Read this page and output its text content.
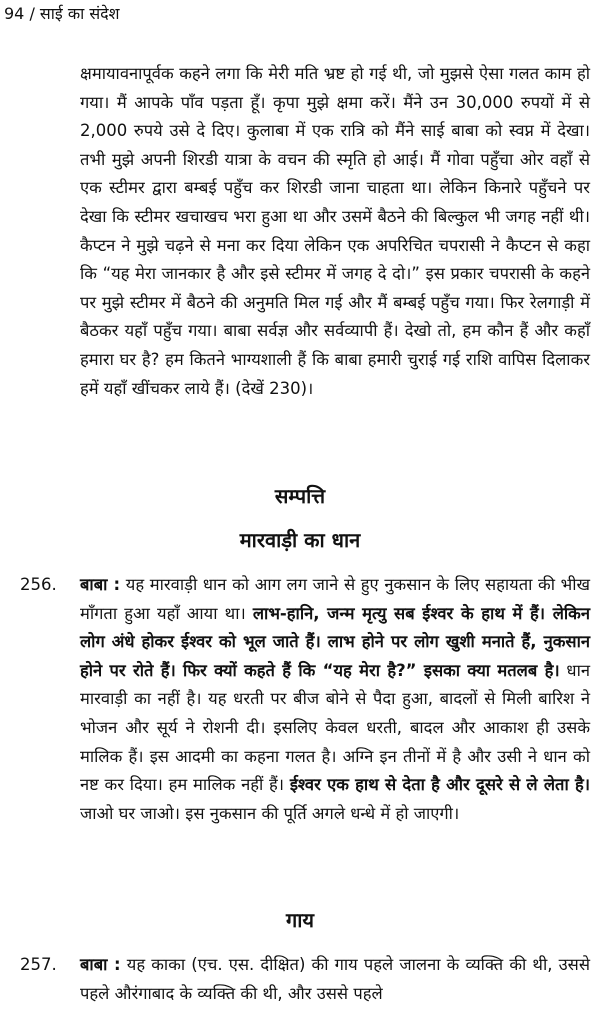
94 / साई का संदेश

क्षमायावनापूर्वक कहने लगा कि मेरी मति भ्रष्ट हो गई थी, जो मुझसे ऐसा गलत काम हो गया। मैं आपके पाँव पड़ता हूँ। कृपा मुझे क्षमा करें। मैंने उन 30,000 रुपयों में से 2,000 रुपये उसे दे दिए। कुलाबा में एक रात्रि को मैंने साई बाबा को स्वप्न में देखा। तभी मुझे अपनी शिरडी यात्रा के वचन की स्मृति हो आई। मैं गोवा पहुँचा ओर वहाँ से एक स्टीमर द्वारा बम्बई पहुँच कर शिरडी जाना चाहता था। लेकिन किनारे पहुँचने पर देखा कि स्टीमर खचाखच भरा हुआ था और उसमें बैठने की बिल्कुल भी जगह नहीं थी। कैप्टन ने मुझे चढ़ने से मना कर दिया लेकिन एक अपरिचित चपरासी ने कैप्टन से कहा कि “यह मेरा जानकार है और इसे स्टीमर में जगह दे दो।” इस प्रकार चपरासी के कहने पर मुझे स्टीमर में बैठने की अनुमति मिल गई और मैं बम्बई पहुँच गया। फिर रेलगाड़ी में बैठकर यहाँ पहुँच गया। बाबा सर्वज्ञ और सर्वव्यापी हैं। देखो तो, हम कौन हैं और कहाँ हमारा घर है? हम कितने भाग्यशाली हैं कि बाबा हमारी चुराई गई राशि वापिस दिलाकर हमें यहाँ खींचकर लाये हैं। (देखें 230)।

सम्पत्ति
मारवाड़ी का धान
256.	बाबा : यह मारवाड़ी धान को आग लग जाने से हुए नुकसान के लिए सहायता की भीख माँगता हुआ यहाँ आया था। लाभ-हानि, जन्म मृत्यु सब ईश्वर के हाथ में हैं। लेकिन लोग अंधे होकर ईश्वर को भूल जाते हैं। लाभ होने पर लोग खुशी मनाते हैं, नुकसान होने पर रोते हैं। फिर क्यों कहते हैं कि “यह मेरा है?” इसका क्या मतलब है। धान मारवाड़ी का नहीं है। यह धरती पर बीज बोने से पैदा हुआ, बादलों से मिली बारिश ने भोजन और सूर्य ने रोशनी दी। इसलिए केवल धरती, बादल और आकाश ही उसके मालिक हैं। इस आदमी का कहना गलत है। अग्नि इन तीनों में है और उसी ने धान को नष्ट कर दिया। हम मालिक नहीं हैं। ईश्वर एक हाथ से देता है और दूसरे से ले लेता है। जाओ घर जाओ। इस नुकसान की पूर्ति अगले धन्धे में हो जाएगी।

गाय
257.	बाबा : यह काका (एच. एस. दीक्षित) की गाय पहले जालना के व्यक्ति की थी, उससे पहले औरंगाबाद के व्यक्ति की थी, और उससे पहले
